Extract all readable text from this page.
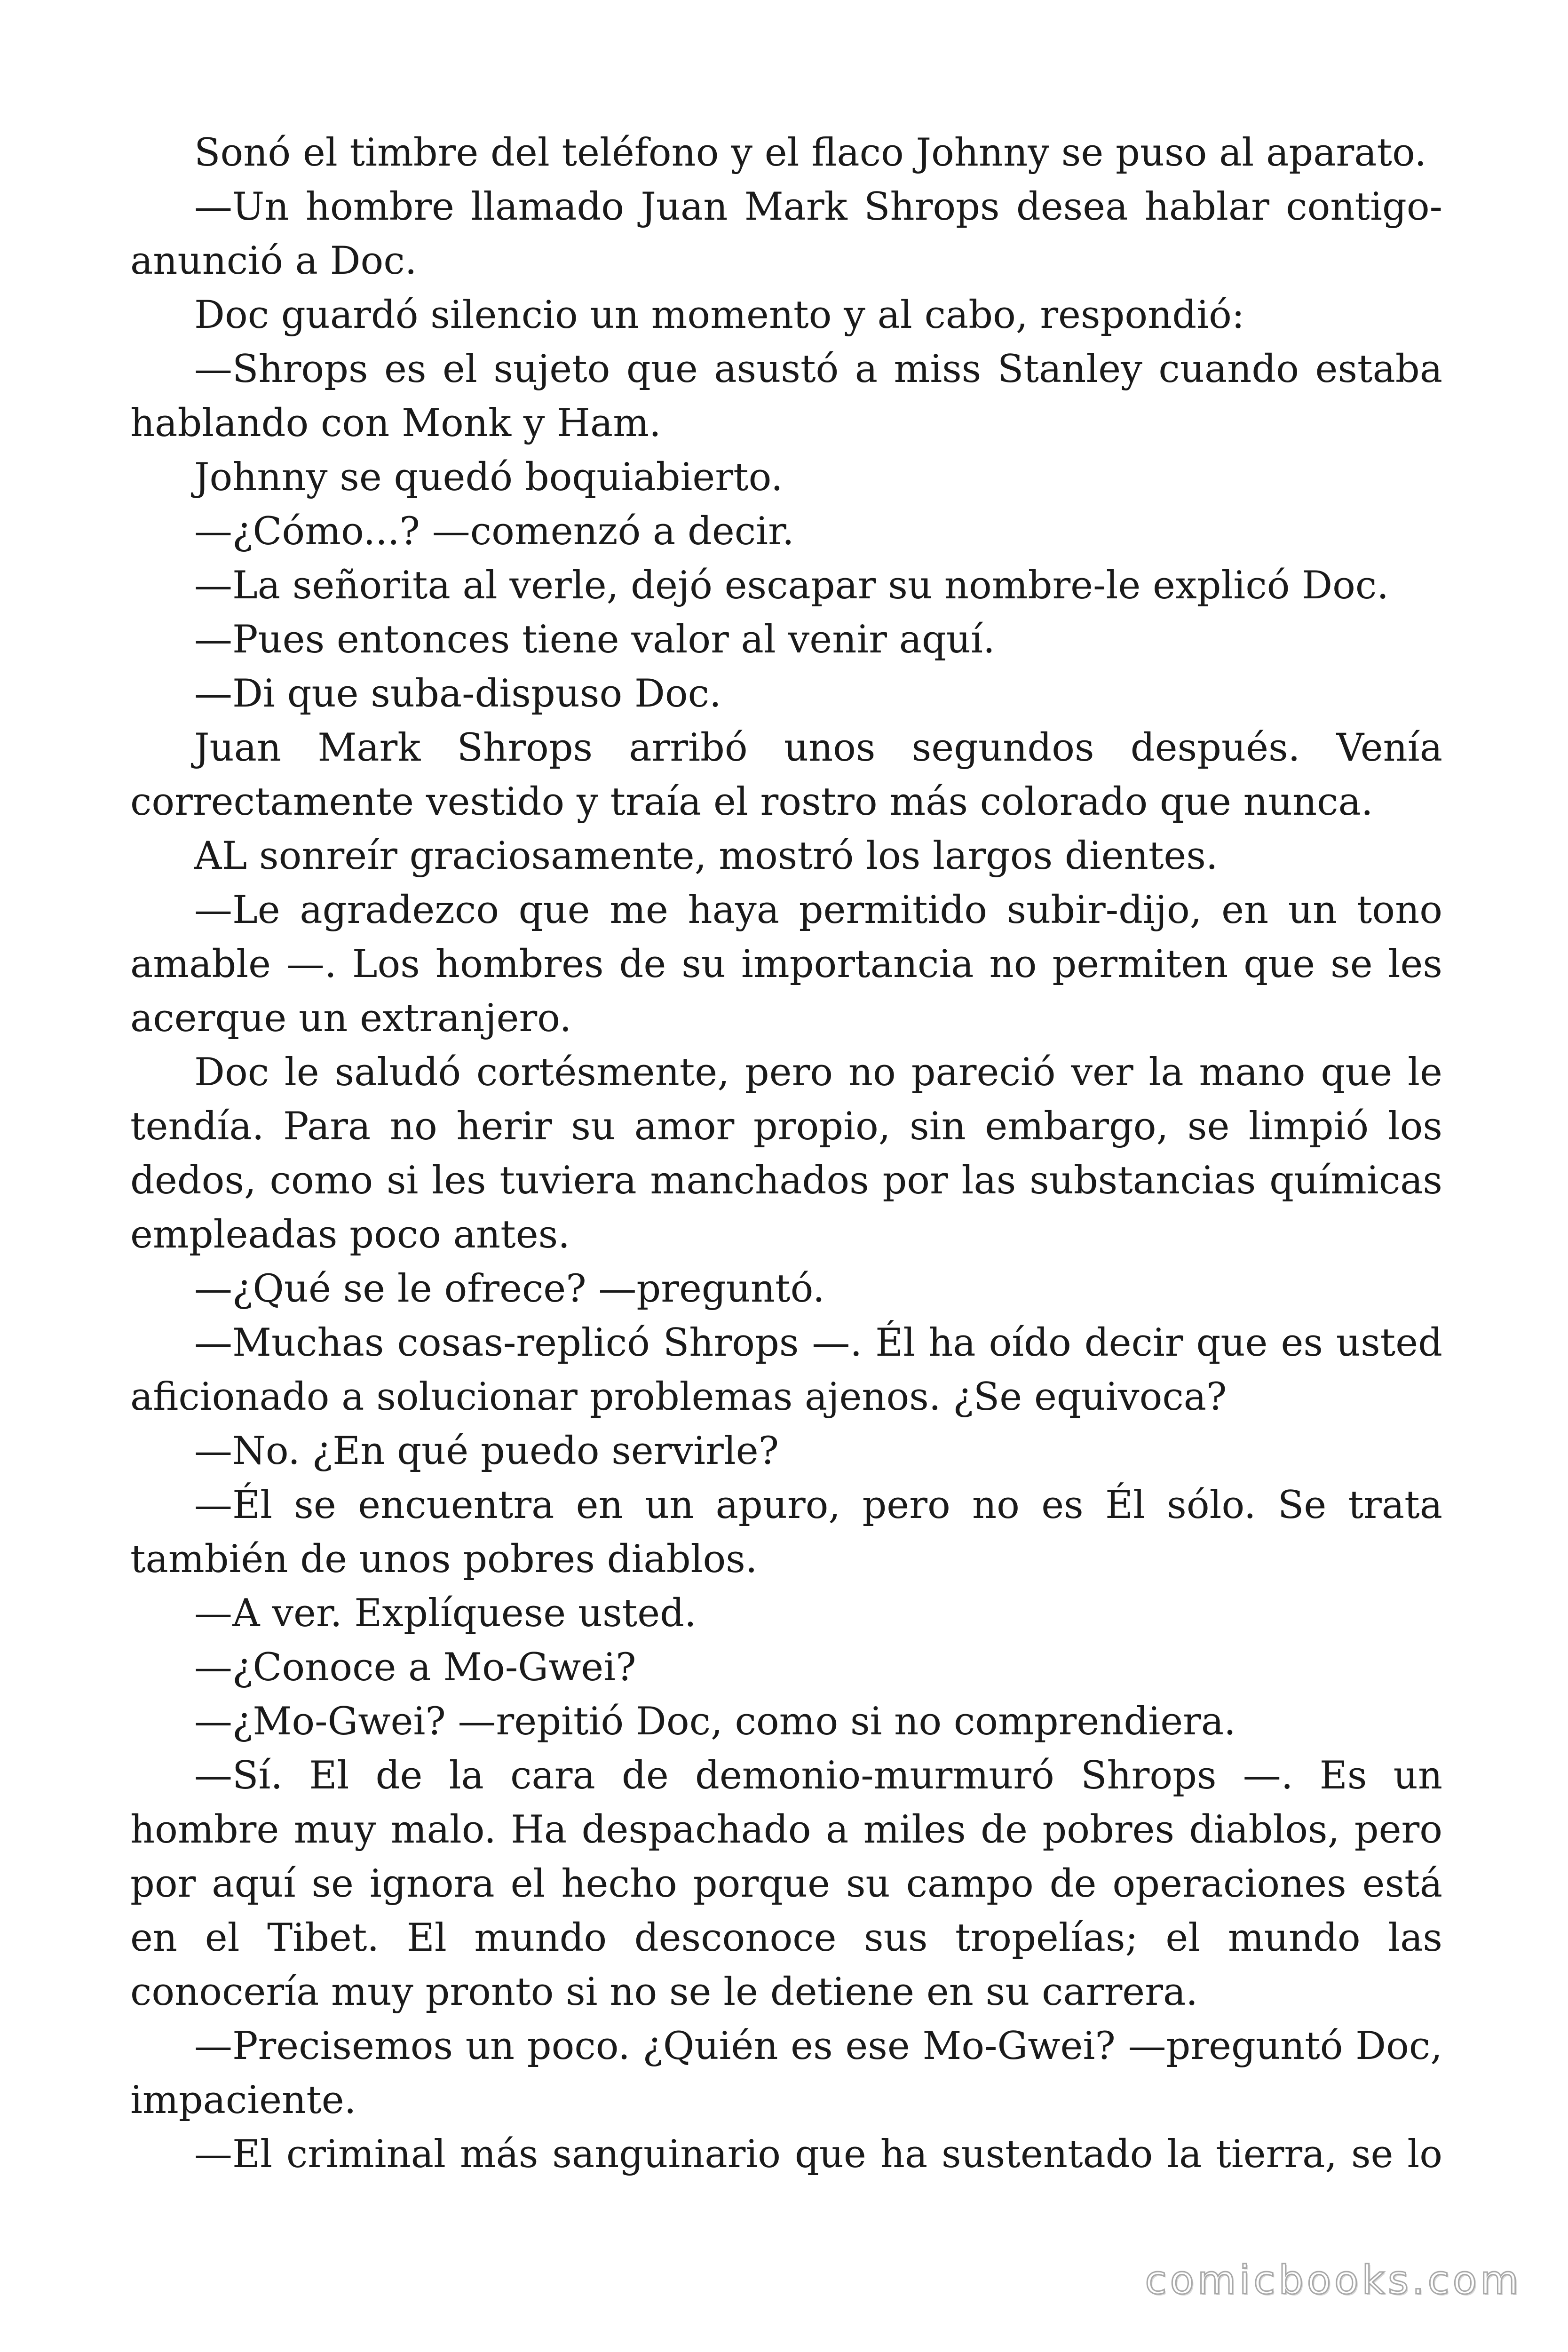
Sonó el timbre del teléfono y el flaco Johnny se puso al aparato.

—Un hombre llamado Juan Mark Shrops desea hablar contigo-anunció a Doc.

Doc guardó silencio un momento y al cabo, respondió:

—Shrops es el sujeto que asustó a miss Stanley cuando estaba hablando con Monk y Ham.

Johnny se quedó boquiabierto.

—¿Cómo...? —comenzó a decir.

—La señorita al verle, dejó escapar su nombre-le explicó Doc.

—Pues entonces tiene valor al venir aquí.

—Di que suba-dispuso Doc.

Juan Mark Shrops arribó unos segundos después. Venía correctamente vestido y traía el rostro más colorado que nunca.

AL sonreír graciosamente, mostró los largos dientes.

—Le agradezco que me haya permitido subir-dijo, en un tono amable —. Los hombres de su importancia no permiten que se les acerque un extranjero.

Doc le saludó cortésmente, pero no pareció ver la mano que le tendía. Para no herir su amor propio, sin embargo, se limpió los dedos, como si les tuviera manchados por las substancias químicas empleadas poco antes.

—¿Qué se le ofrece? —preguntó.

—Muchas cosas-replicó Shrops —. Él ha oído decir que es usted aficionado a solucionar problemas ajenos. ¿Se equivoca?

—No. ¿En qué puedo servirle?

—Él se encuentra en un apuro, pero no es Él sólo. Se trata también de unos pobres diablos.

—A ver. Explíquese usted.

—¿Conoce a Mo-Gwei?

—¿Mo-Gwei? —repitió Doc, como si no comprendiera.

—Sí. El de la cara de demonio-murmuró Shrops —. Es un hombre muy malo. Ha despachado a miles de pobres diablos, pero por aquí se ignora el hecho porque su campo de operaciones está en el Tibet. El mundo desconoce sus tropelías; el mundo las conocería muy pronto si no se le detiene en su carrera.

—Precisemos un poco. ¿Quién es ese Mo-Gwei? —preguntó Doc, impaciente.

—El criminal más sanguinario que ha sustentado la tierra, se lo

comicbooks.com
